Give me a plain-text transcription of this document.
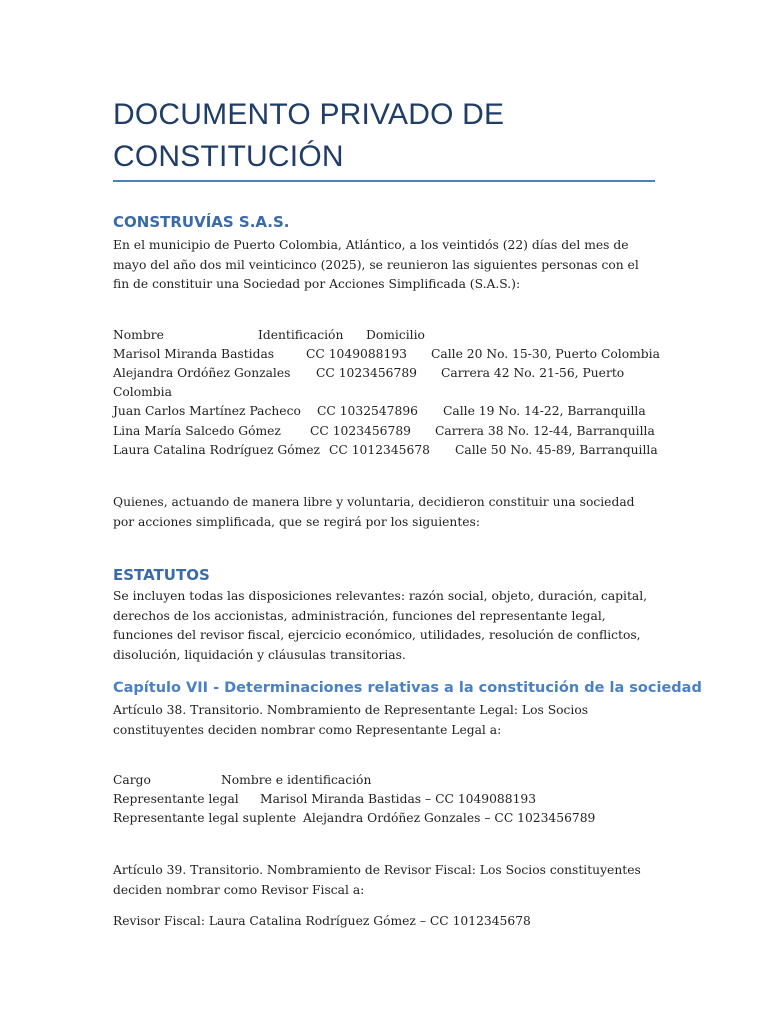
DOCUMENTO PRIVADO DE CONSTITUCIÓN
CONSTRUVÍAS S.A.S.
En el municipio de Puerto Colombia, Atlántico, a los veintidós (22) días del mes de mayo del año dos mil veinticinco (2025), se reunieron las siguientes personas con el fin de constituir una Sociedad por Acciones Simplificada (S.A.S.):
Nombre	Identificación Domicilio
Marisol Miranda Bastidas	CC 1049088193 Calle 20 No. 15-30, Puerto Colombia
Alejandra Ordóñez Gonzales CC 1023456789 Carrera 42 No. 21-56, Puerto
Colombia
Juan Carlos Martínez Pacheco CC 1032547896 Calle 19 No. 14-22, Barranquilla
Lina María Salcedo Gómez CC 1023456789 Carrera 38 No. 12-44, Barranquilla
Laura Catalina Rodríguez Gómez CC 1012345678 Calle 50 No. 45-89, Barranquilla
Quienes, actuando de manera libre y voluntaria, decidieron constituir una sociedad por acciones simplificada, que se regirá por los siguientes:
ESTATUTOS
Se incluyen todas las disposiciones relevantes: razón social, objeto, duración, capital, derechos de los accionistas, administración, funciones del representante legal, funciones del revisor fiscal, ejercicio económico, utilidades, resolución de conflictos, disolución, liquidación y cláusulas transitorias.
Capítulo VII - Determinaciones relativas a la constitución de la sociedad
Artículo 38. Transitorio. Nombramiento de Representante Legal: Los Socios constituyentes deciden nombrar como Representante Legal a:
Cargo	Nombre e identificación
Representante legal Marisol Miranda Bastidas – CC 1049088193
Representante legal suplente Alejandra Ordóñez Gonzales – CC 1023456789
Artículo 39. Transitorio. Nombramiento de Revisor Fiscal: Los Socios constituyentes deciden nombrar como Revisor Fiscal a:
Revisor Fiscal: Laura Catalina Rodríguez Gómez – CC 1012345678
